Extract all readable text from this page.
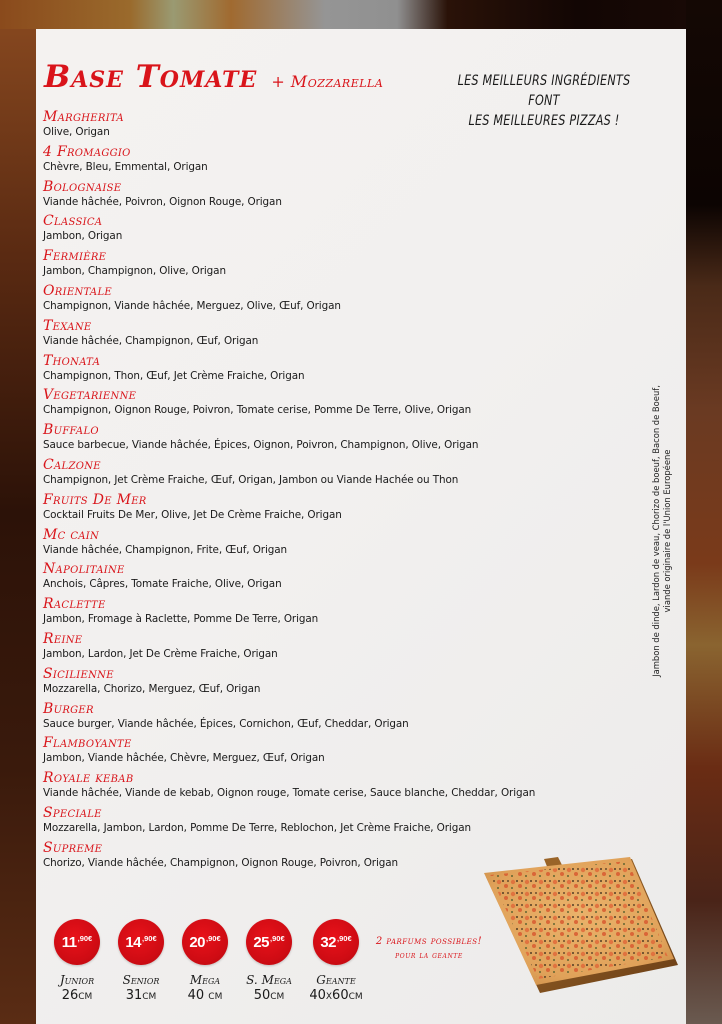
Base Tomate + Mozzarella	LES MEILLEURS INGRÉDIENTS FONT
LES MEILLEURES PIZZAS !
Margherita
Olive, Origan
4 Fromaggio
Chèvre, Bleu, Emmental, Origan
Bolognaise
Viande hâchée, Poivron, Oignon Rouge, Origan
Classica
Jambon, Origan
Fermière
Jambon, Champignon, Olive, Origan
Orientale
Champignon, Viande hâchée, Merguez, Olive, Œuf, Origan
Texane
Viande hâchée, Champignon, Œuf, Origan
Thonata
Champignon, Thon, Œuf, Jet Crème Fraiche, Origan
Vegetarienne
Champignon, Oignon Rouge, Poivron, Tomate cerise, Pomme De Terre, Olive, Origan
Buffalo
Sauce barbecue, Viande hâchée, Épices, Oignon, Poivron, Champignon, Olive, Origan
Calzone
Champignon, Jet Crème Fraiche, Œuf, Origan, Jambon ou Viande Hachée ou Thon
Fruits De Mer
Cocktail Fruits De Mer, Olive, Jet De Crème Fraiche, Origan
Mc cain
Viande hâchée, Champignon, Frite, Œuf, Origan
Napolitaine
Anchois, Câpres, Tomate Fraiche, Olive, Origan
Raclette
Jambon, Fromage à Raclette, Pomme De Terre, Origan
Reine
Jambon, Lardon, Jet De Crème Fraiche, Origan
Sicilienne
Mozzarella, Chorizo, Merguez, Œuf, Origan
Burger
Sauce burger, Viande hâchée, Épices, Cornichon, Œuf, Cheddar, Origan
Flamboyante
Jambon, Viande hâchée, Chèvre, Merguez, Œuf, Origan
Royale kebab
Viande hâchée, Viande de kebab, Oignon rouge, Tomate cerise, Sauce blanche, Cheddar, Origan
Speciale
Mozzarella, Jambon, Lardon, Pomme De Terre, Reblochon, Jet Crème Fraiche, Origan
Supreme
Chorizo, Viande hâchée, Champignon, Oignon Rouge, Poivron, Origan
Jambon de dinde, Lardon de veau, Chorizo de boeuf, Bacon de Boeuf, viande originaire de l'Union Européene
11 ,90€
Junior
26cm
14 ,90€
Senior
31cm
20 ,90€
Mega
40 cm
25 ,90€
S. Mega
50cm
32 ,90€
Geante
40x60cm
2 parfums possibles!
pour la geante
